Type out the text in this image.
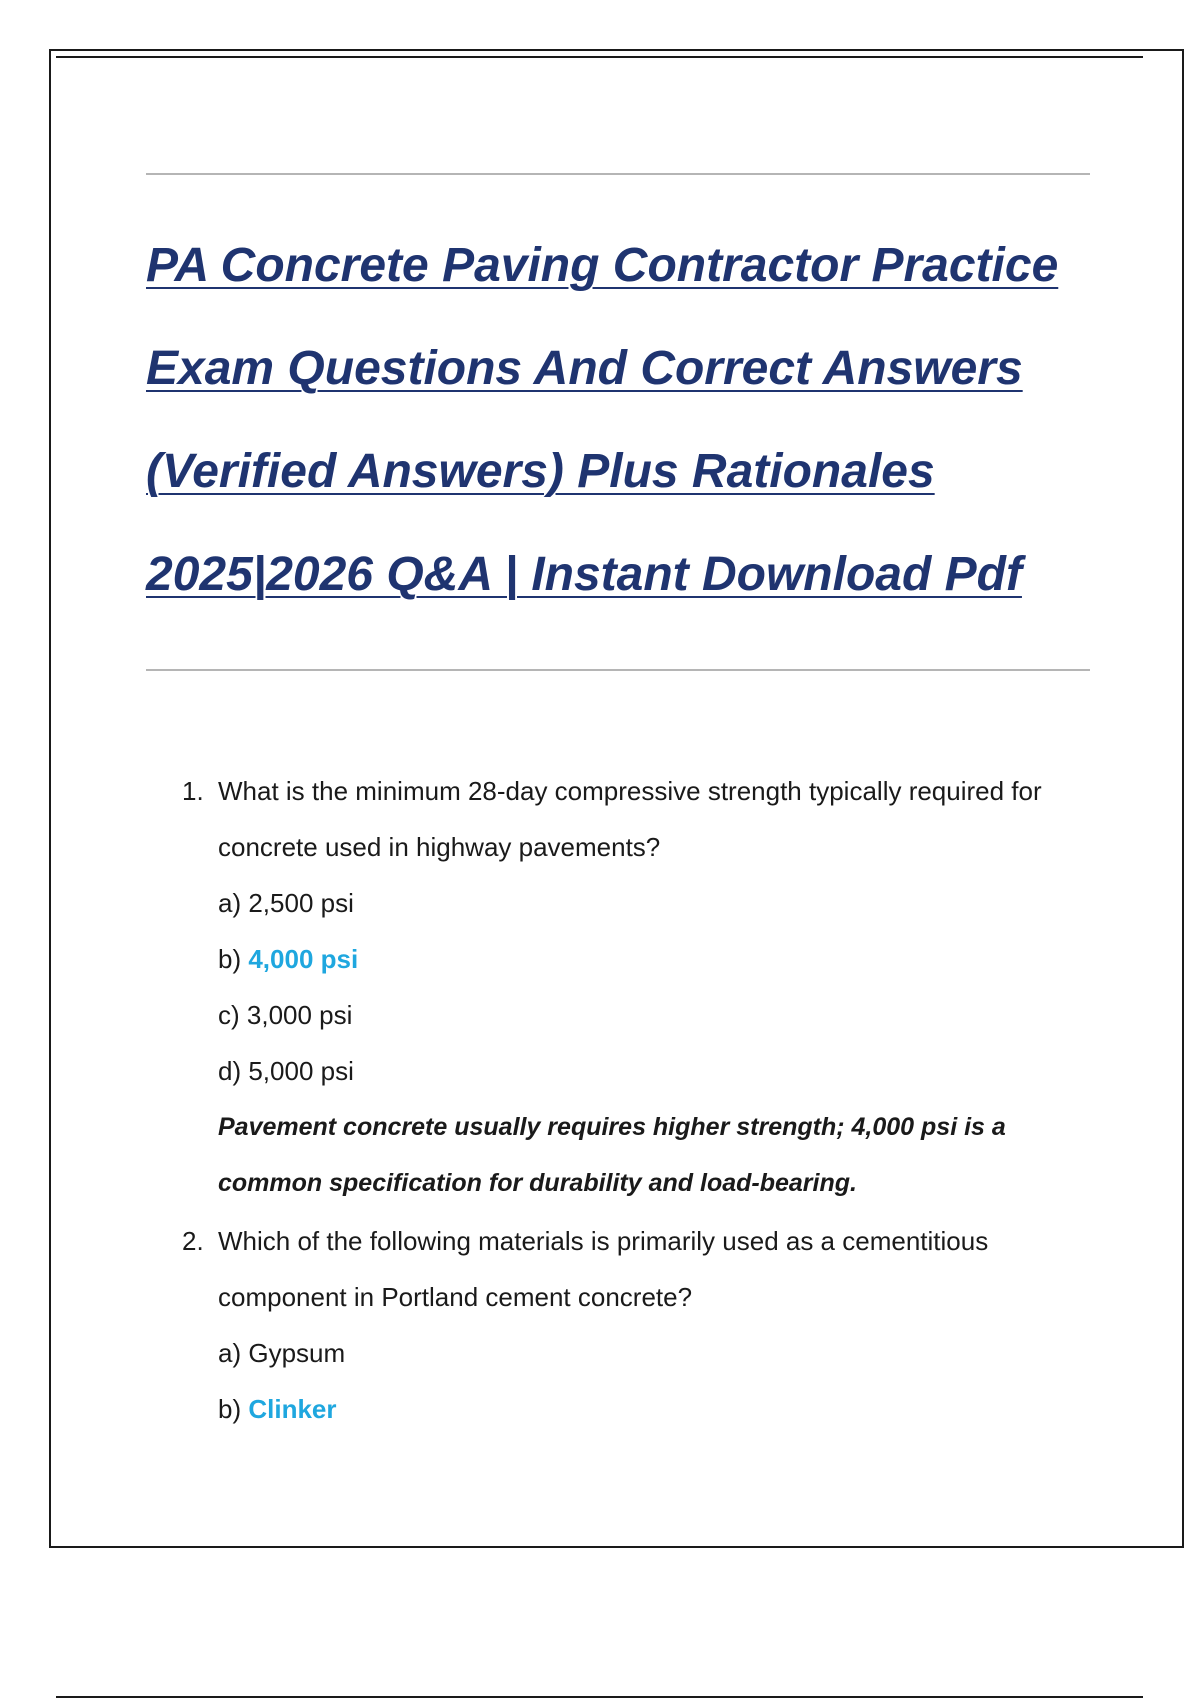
PA Concrete Paving Contractor Practice
Exam Questions And Correct Answers
(Verified Answers) Plus Rationales
2025|2026 Q&A | Instant Download Pdf
1. What is the minimum 28-day compressive strength typically required for concrete used in highway pavements?
a) 2,500 psi
b) 4,000 psi
c) 3,000 psi
d) 5,000 psi
Pavement concrete usually requires higher strength; 4,000 psi is a common specification for durability and load-bearing.
2. Which of the following materials is primarily used as a cementitious component in Portland cement concrete?
a) Gypsum
b) Clinker
